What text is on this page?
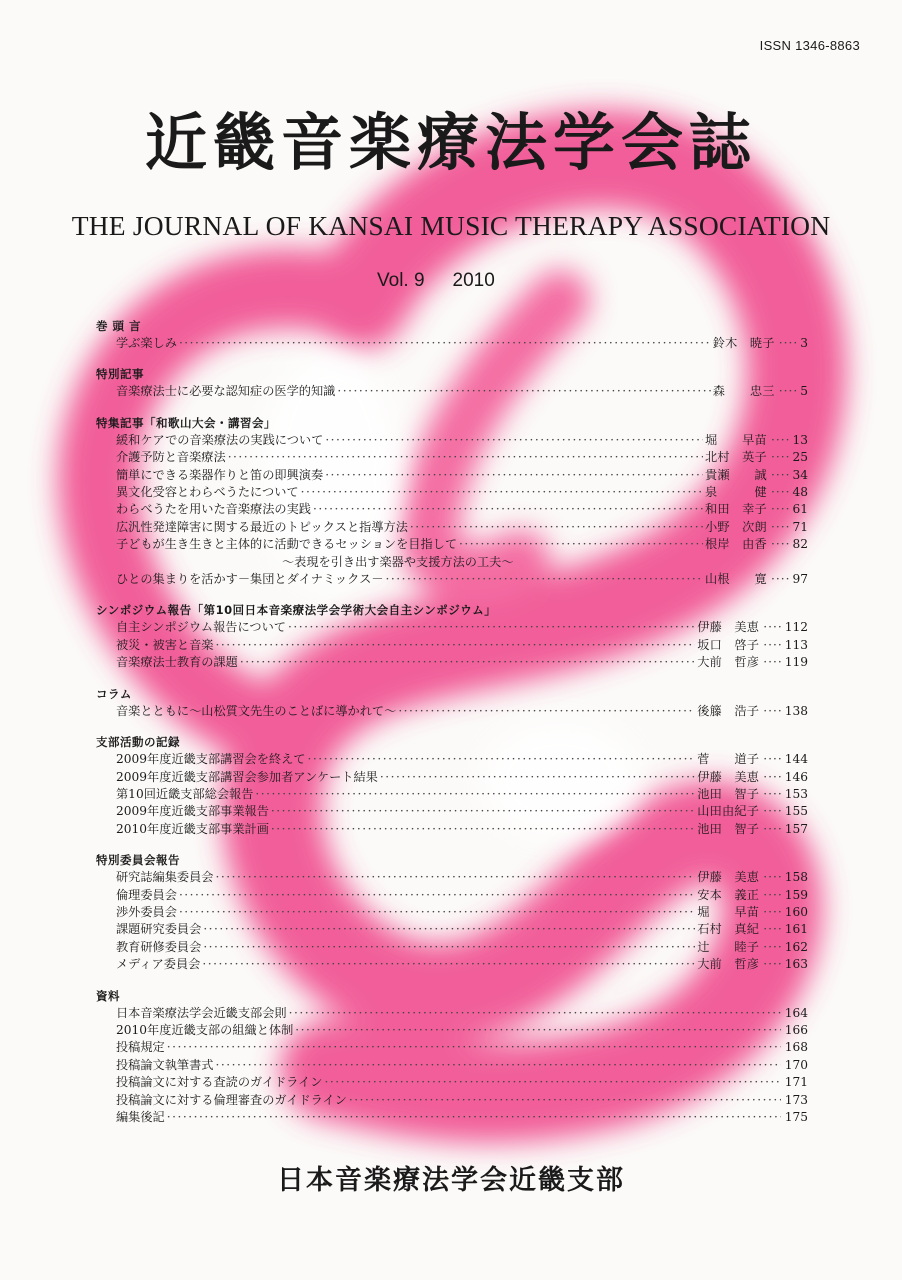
ISSN 1346-8863
近畿音楽療法学会誌
THE JOURNAL OF KANSAI MUSIC THERAPY ASSOCIATION
Vol. 9 2010
巻 頭 言
学ぶ楽しみ ·····	鈴木　暁子	···· 3
特別記事
音楽療法士に必要な認知症の医学的知識 ·····	森　　忠三	···· 5
特集記事「和歌山大会・講習会」
緩和ケアでの音楽療法の実践について ·····	堀　　早苗	···· 13
介護予防と音楽療法 ·····	北村　英子	···· 25
簡単にできる楽器作りと笛の即興演奏 ·····	貴瀬　　誠	···· 34
異文化受容とわらべうたについて ·····	泉　　　健	···· 48
わらべうたを用いた音楽療法の実践 ·····	和田　幸子	···· 61
広汎性発達障害に関する最近のトピックスと指導方法 ·····	小野　次朗	···· 71
子どもが生き生きと主体的に活動できるセッションを目指して ·····	根岸　由香	···· 82
～表現を引き出す楽器や支援方法の工夫～
ひとの集まりを活かす－集団とダイナミックス－ ·····	山根　　寛	···· 97
シンポジウム報告「第10回日本音楽療法学会学術大会自主シンポジウム」
自主シンポジウム報告について ·····	伊藤　美恵	···· 112
被災・被害と音楽 ·····	坂口　啓子	···· 113
音楽療法士教育の課題 ·····	大前　哲彦	···· 119
コラム
音楽とともに～山松質文先生のことばに導かれて～ ·····	後籐　浩子	···· 138
支部活動の記録
2009年度近畿支部講習会を終えて ·····	菅　　道子	···· 144
2009年度近畿支部講習会参加者アンケート結果 ·····	伊藤　美恵	···· 146
第10回近畿支部総会報告 ·····	池田　智子	···· 153
2009年度近畿支部事業報告 ·····	山田由紀子	···· 155
2010年度近畿支部事業計画 ·····	池田　智子	···· 157
特別委員会報告
研究誌編集委員会 ·····	伊藤　美恵	···· 158
倫理委員会 ·····	安本　義正	···· 159
渉外委員会 ·····	堀　　早苗	···· 160
課題研究委員会 ·····	石村　真紀	···· 161
教育研修委員会 ·····	辻　　睦子	···· 162
メディア委員会 ·····	大前　哲彦	···· 163
資料
日本音楽療法学会近畿支部会則 ·····	164
2010年度近畿支部の組織と体制 ·····	166
投稿規定 ·····	168
投稿論文執筆書式 ·····	170
投稿論文に対する査読のガイドライン ·····	171
投稿論文に対する倫理審査のガイドライン ·····	173
編集後記 ·····	175
日本音楽療法学会近畿支部
